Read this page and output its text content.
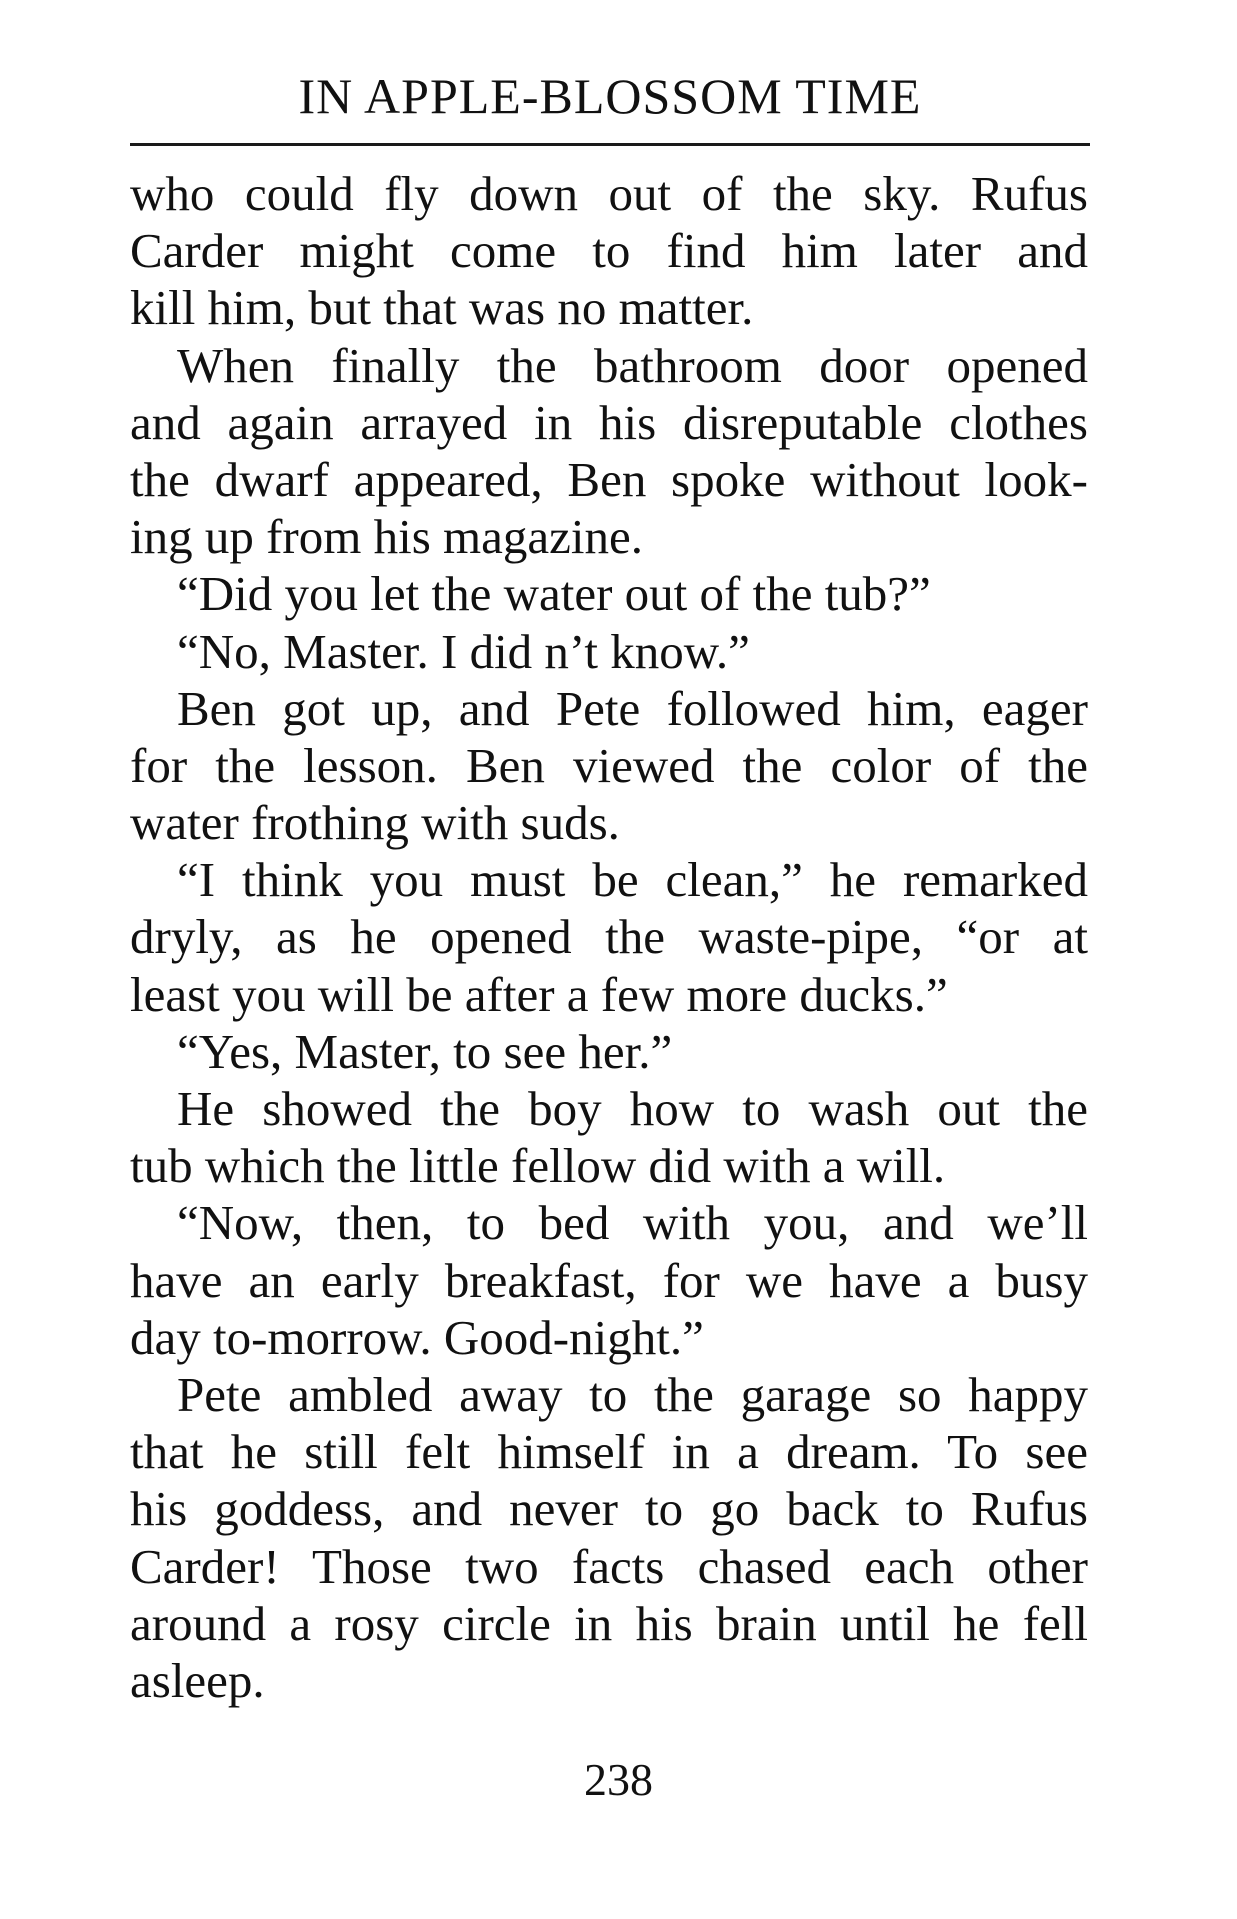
IN APPLE-BLOSSOM TIME
who could fly down out of the sky. Rufus
Carder might come to find him later and
kill him, but that was no matter.
When finally the bathroom door opened
and again arrayed in his disreputable clothes
the dwarf appeared, Ben spoke without look-
ing up from his magazine.
“Did you let the water out of the tub?”
“No, Master. I did n’t know.”
Ben got up, and Pete followed him, eager
for the lesson. Ben viewed the color of the
water frothing with suds.
“I think you must be clean,” he remarked
dryly, as he opened the waste-pipe, “or at
least you will be after a few more ducks.”
“Yes, Master, to see her.”
He showed the boy how to wash out the
tub which the little fellow did with a will.
“Now, then, to bed with you, and we’ll
have an early breakfast, for we have a busy
day to-morrow. Good-night.”
Pete ambled away to the garage so happy
that he still felt himself in a dream. To see
his goddess, and never to go back to Rufus
Carder! Those two facts chased each other
around a rosy circle in his brain until he fell
asleep.
238
